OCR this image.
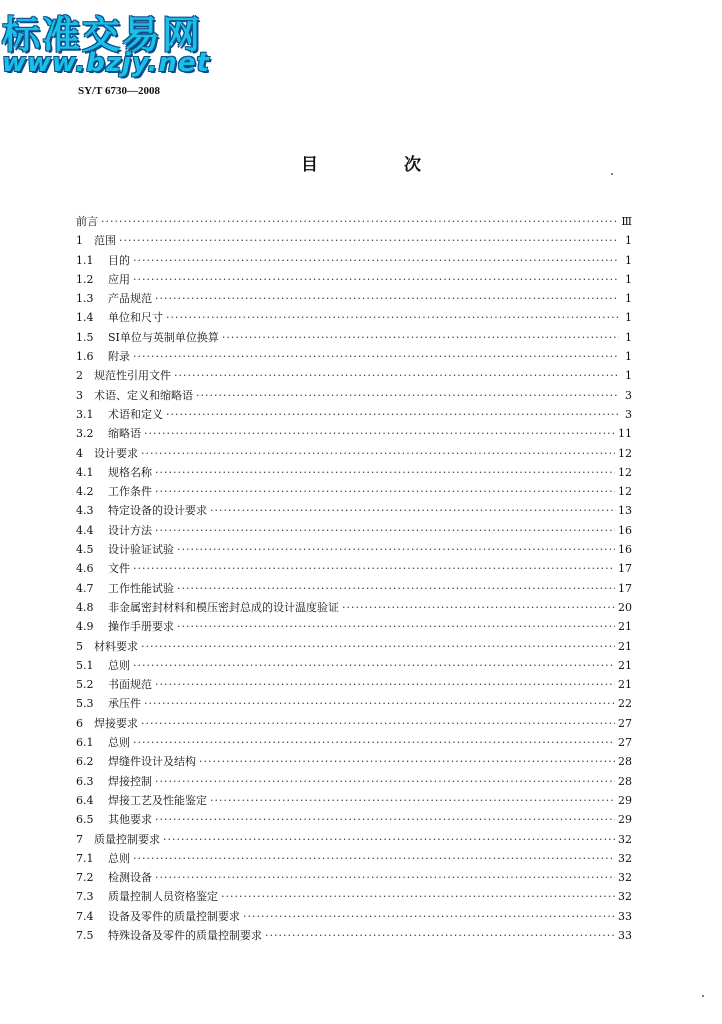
标准交易网

www.bzjy.net

SY/T 6730—2008

目 次
前言 ·····	Ⅲ
1	范围 ·····	1
1.1	目的 ·····	1
1.2	应用 ·····	1
1.3	产品规范 ·····	1
1.4	单位和尺寸 ·····	1
1.5	SI单位与英制单位换算 ·····	1
1.6	附录 ·····	1
2	规范性引用文件 ·····	1
3	术语、定义和缩略语 ·····	3
3.1	术语和定义 ·····	3
3.2	缩略语 ·····	11
4	设计要求 ·····	12
4.1	规格名称 ·····	12
4.2	工作条件 ·····	12
4.3	特定设备的设计要求 ·····	13
4.4	设计方法 ·····	16
4.5	设计验证试验 ·····	16
4.6	文件 ·····	17
4.7	工作性能试验 ·····	17
4.8	非金属密封材料和模压密封总成的设计温度验证 ·····	20
4.9	操作手册要求 ·····	21
5	材料要求 ·····	21
5.1	总则 ·····	21
5.2	书面规范 ·····	21
5.3	承压件 ·····	22
6	焊接要求 ·····	27
6.1	总则 ·····	27
6.2	焊缝件设计及结构 ·····	28
6.3	焊接控制 ·····	28
6.4	焊接工艺及性能鉴定 ·····	29
6.5	其他要求 ·····	29
7	质量控制要求 ·····	32
7.1	总则 ·····	32
7.2	检测设备 ·····	32
7.3	质量控制人员资格鉴定 ·····	32
7.4	设备及零件的质量控制要求 ·····	33
7.5	特殊设备及零件的质量控制要求 ·····	33
